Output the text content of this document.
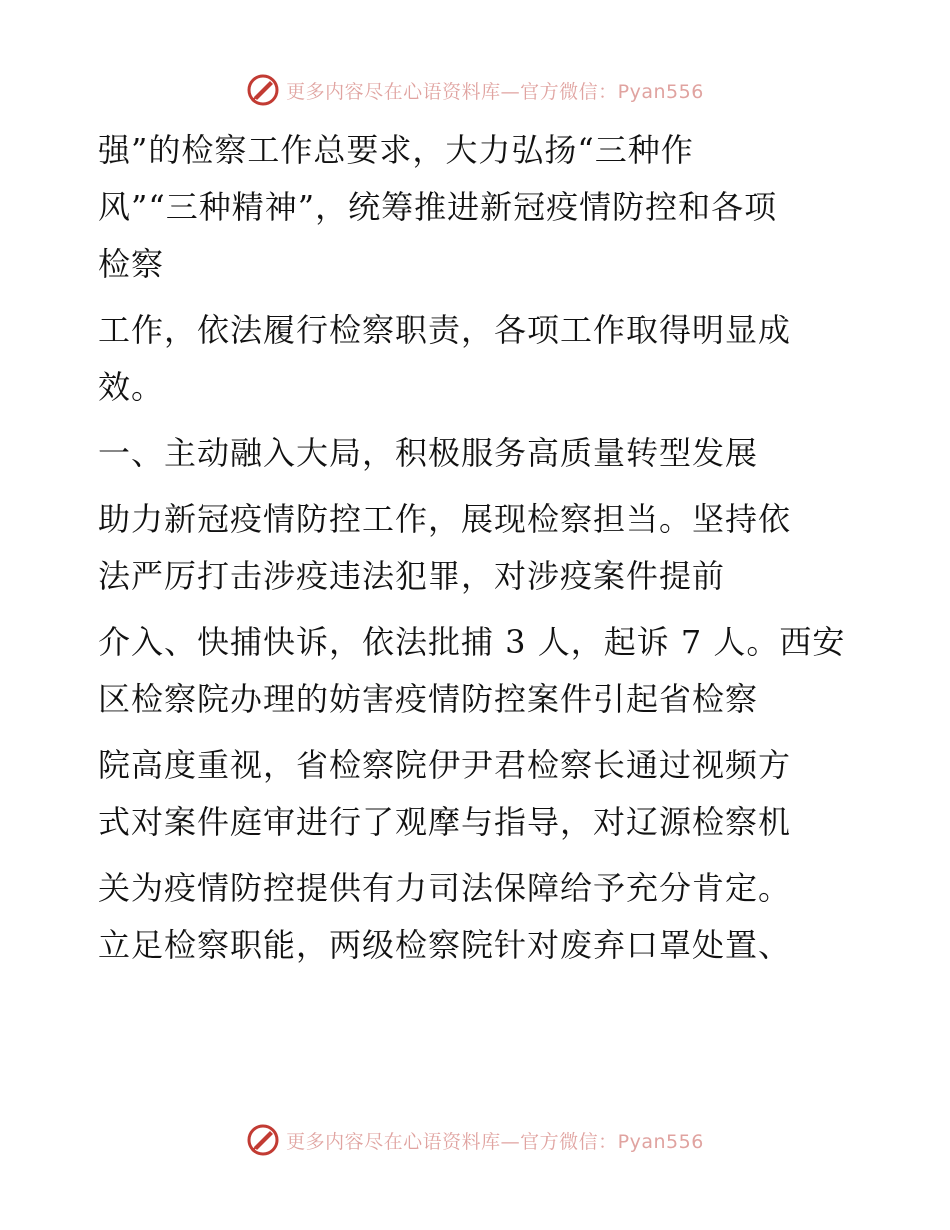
更多内容尽在心语资料库—官方微信：Pyan556

强”的检察工作总要求，大力弘扬“三种作

风”“三种精神”，统筹推进新冠疫情防控和各项

检察

工作，依法履行检察职责，各项工作取得明显成

效。

一、主动融入大局，积极服务高质量转型发展

助力新冠疫情防控工作，展现检察担当。坚持依

法严厉打击涉疫违法犯罪，对涉疫案件提前

介入、快捕快诉，依法批捕 3 人，起诉 7 人。西安

区检察院办理的妨害疫情防控案件引起省检察

院高度重视，省检察院伊尹君检察长通过视频方

式对案件庭审进行了观摩与指导，对辽源检察机

关为疫情防控提供有力司法保障给予充分肯定。

立足检察职能，两级检察院针对废弃口罩处置、

更多内容尽在心语资料库—官方微信：Pyan556
